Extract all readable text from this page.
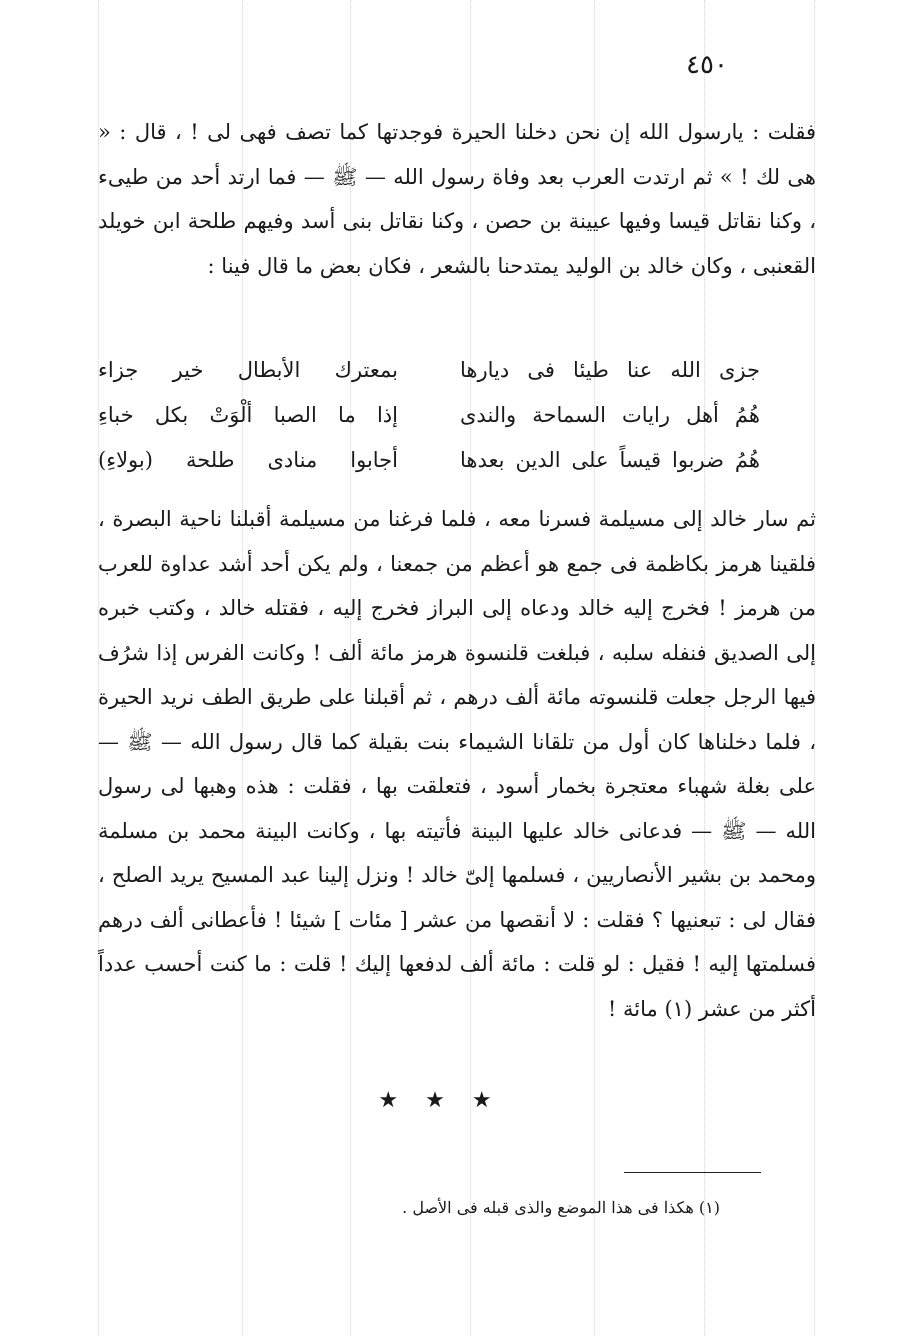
٤٥٠

فقلت : يارسول الله إن نحن دخلنا الحيرة فوجدتها كما تصف فهى لى ! ، قال : « هى لك ! » ثم ارتدت العرب بعد وفاة رسول الله — ﷺ — فما ارتد أحد من طيىء ، وكنا نقاتل قيسا وفيها عيينة بن حصن ، وكنا نقاتل بنى أسد وفيهم طلحة ابن خويلد القعنبى ، وكان خالد بن الوليد يمتدحنا بالشعر ، فكان بعض ما قال فينا :

جزى الله عنا طيئا فى ديارها
بمعترك الأبطال خير جزاء
هُمُ أهل رايات السماحة والندى
إذا ما الصبا ألْوَتْ بكل خباءِ
هُمُ ضربوا قيساً على الدين بعدها
أجابوا منادى طلحة (بولاءِ)

ثم سار خالد إلى مسيلمة فسرنا معه ، فلما فرغنا من مسيلمة أقبلنا ناحية البصرة ، فلقينا هرمز بكاظمة فى جمع هو أعظم من جمعنا ، ولم يكن أحد أشد عداوة للعرب من هرمز ! فخرج إليه خالد ودعاه إلى البراز فخرج إليه ، فقتله خالد ، وكتب خبره إلى الصديق فنفله سلبه ، فبلغت قلنسوة هرمز مائة ألف ! وكانت الفرس إذا شرُف فيها الرجل جعلت قلنسوته مائة ألف درهم ، ثم أقبلنا على طريق الطف نريد الحيرة ، فلما دخلناها كان أول من تلقانا الشيماء بنت بقيلة كما قال رسول الله — ﷺ — على بغلة شهباء معتجرة بخمار أسود ، فتعلقت بها ، فقلت : هذه وهبها لى رسول الله — ﷺ — فدعانى خالد عليها البينة فأتيته بها ، وكانت البينة محمد بن مسلمة ومحمد بن بشير الأنصاريين ، فسلمها إلىّ خالد ! ونزل إلينا عبد المسيح يريد الصلح ، فقال لى : تبعنيها ؟ فقلت : لا أنقصها من عشر [ مئات ] شيئا ! فأعطانى ألف درهم فسلمتها إليه ! فقيل : لو قلت : مائة ألف لدفعها إليك ! قلت : ما كنت أحسب عدداً أكثر من عشر (١) مائة !

★ ★ ★
(١) هكذا فى هذا الموضع والذى قبله فى الأصل .
